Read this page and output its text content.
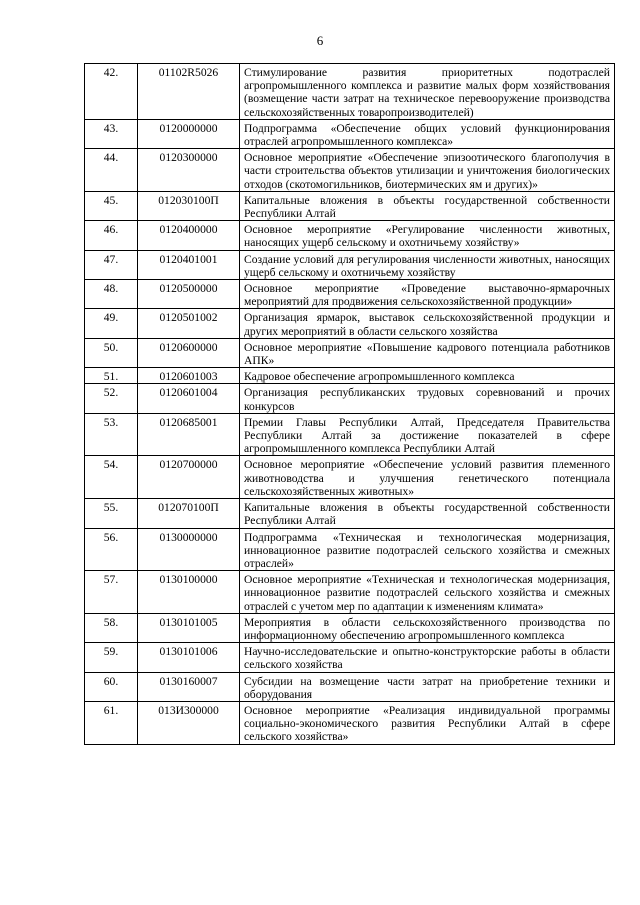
6
42.	01102R5026	Стимулирование развития приоритетных подотраслей агропромышленного комплекса и развитие малых форм хозяйствования (возмещение части затрат на техническое перевооружение производства сельскохозяйственных товаропроизводителей)
43.	0120000000	Подпрограмма «Обеспечение общих условий функционирования отраслей агропромышленного комплекса»
44.	0120300000	Основное мероприятие «Обеспечение эпизоотического благополучия в части строительства объектов утилизации и уничтожения биологических отходов (скотомогильников, биотермических ям и других)»
45.	012030100П	Капитальные вложения в объекты государственной собственности Республики Алтай
46.	0120400000	Основное мероприятие «Регулирование численности животных, наносящих ущерб сельскому и охотничьему хозяйству»
47.	0120401001	Создание условий для регулирования численности животных, наносящих ущерб сельскому и охотничьему хозяйству
48.	0120500000	Основное мероприятие «Проведение выставочно-ярмарочных мероприятий для продвижения сельскохозяйственной продукции»
49.	0120501002	Организация ярмарок, выставок сельскохозяйственной продукции и других мероприятий в области сельского хозяйства
50.	0120600000	Основное мероприятие «Повышение кадрового потенциала работников АПК»
51.	0120601003	Кадровое обеспечение агропромышленного комплекса
52.	0120601004	Организация республиканских трудовых соревнований и прочих конкурсов
53.	0120685001	Премии Главы Республики Алтай, Председателя Правительства Республики Алтай за достижение показателей в сфере агропромышленного комплекса Республики Алтай
54.	0120700000	Основное мероприятие «Обеспечение условий развития племенного животноводства и улучшения генетического потенциала сельскохозяйственных животных»
55.	012070100П	Капитальные вложения в объекты государственной собственности Республики Алтай
56.	0130000000	Подпрограмма «Техническая и технологическая модернизация, инновационное развитие подотраслей сельского хозяйства и смежных отраслей»
57.	0130100000	Основное мероприятие «Техническая и технологическая модернизация, инновационное развитие подотраслей сельского хозяйства и смежных отраслей с учетом мер по адаптации к изменениям климата»
58.	0130101005	Мероприятия в области сельскохозяйственного производства по информационному обеспечению агропромышленного комплекса
59.	0130101006	Научно-исследовательские и опытно-конструкторские работы в области сельского хозяйства
60.	0130160007	Субсидии на возмещение части затрат на приобретение техники и оборудования
61.	013И300000	Основное мероприятие «Реализация индивидуальной программы социально-экономического развития Республики Алтай в сфере сельского хозяйства»
